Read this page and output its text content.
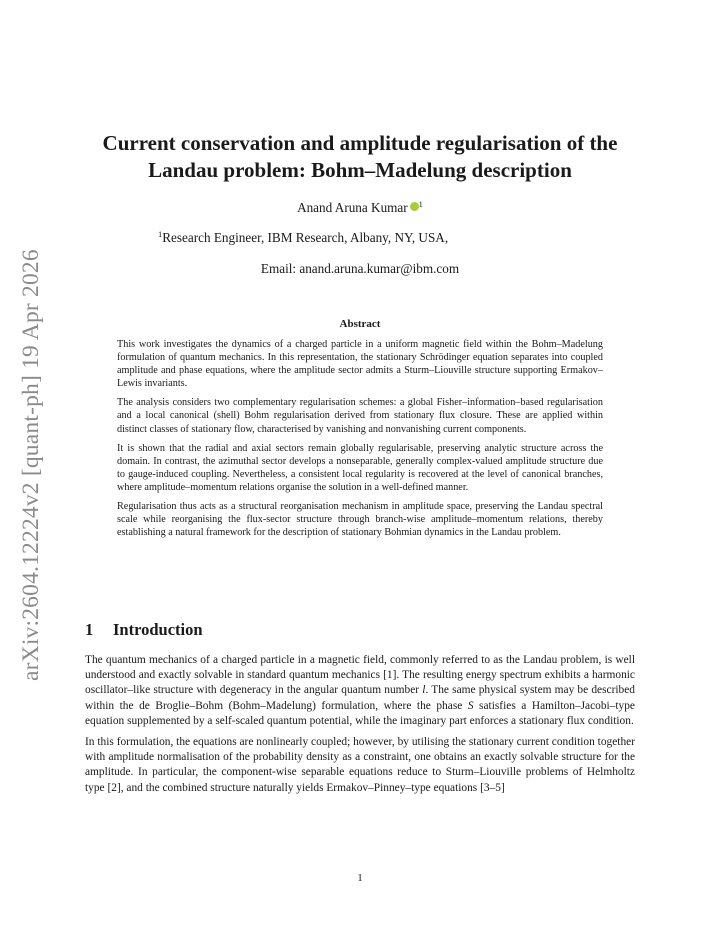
arXiv:2604.12224v2 [quant-ph] 19 Apr 2026
Current conservation and amplitude regularisation of the Landau problem: Bohm–Madelung description
Anand Aruna Kumar $^1$
$^1$Research Engineer, IBM Research, Albany, NY, USA,
Email: anand.aruna.kumar@ibm.com
Abstract

This work investigates the dynamics of a charged particle in a uniform magnetic field within the Bohm–Madelung formulation of quantum mechanics. In this representation, the stationary Schrödinger equation separates into coupled amplitude and phase equations, where the amplitude sector admits a Sturm–Liouville structure supporting Ermakov–Lewis invariants.

The analysis considers two complementary regularisation schemes: a global Fisher–information–based regularisation and a local canonical (shell) Bohm regularisation derived from stationary flux closure. These are applied within distinct classes of stationary flow, characterised by vanishing and nonvanishing current components.

It is shown that the radial and axial sectors remain globally regularisable, preserving analytic structure across the domain. In contrast, the azimuthal sector develops a nonseparable, generally complex-valued amplitude structure due to gauge-induced coupling. Nevertheless, a consistent local regularity is recovered at the level of canonical branches, where amplitude–momentum relations organise the solution in a well-defined manner.

Regularisation thus acts as a structural reorganisation mechanism in amplitude space, preserving the Landau spectral scale while reorganising the flux-sector structure through branch-wise amplitude–momentum relations, thereby establishing a natural framework for the description of stationary Bohmian dynamics in the Landau problem.

1 Introduction

The quantum mechanics of a charged particle in a magnetic field, commonly referred to as the Landau problem, is well understood and exactly solvable in standard quantum mechanics [1]. The resulting energy spectrum exhibits a harmonic oscillator–like structure with degeneracy in the angular quantum number l. The same physical system may be described within the de Broglie–Bohm (Bohm–Madelung) formulation, where the phase S satisfies a Hamilton–Jacobi–type equation supplemented by a self-scaled quantum potential, while the imaginary part enforces a stationary flux condition.

In this formulation, the equations are nonlinearly coupled; however, by utilising the stationary current condition together with amplitude normalisation of the probability density as a constraint, one obtains an exactly solvable structure for the amplitude. In particular, the component-wise separable equations reduce to Sturm–Liouville problems of Helmholtz type [2], and the combined structure naturally yields Ermakov–Pinney–type equations [3–5]

1
